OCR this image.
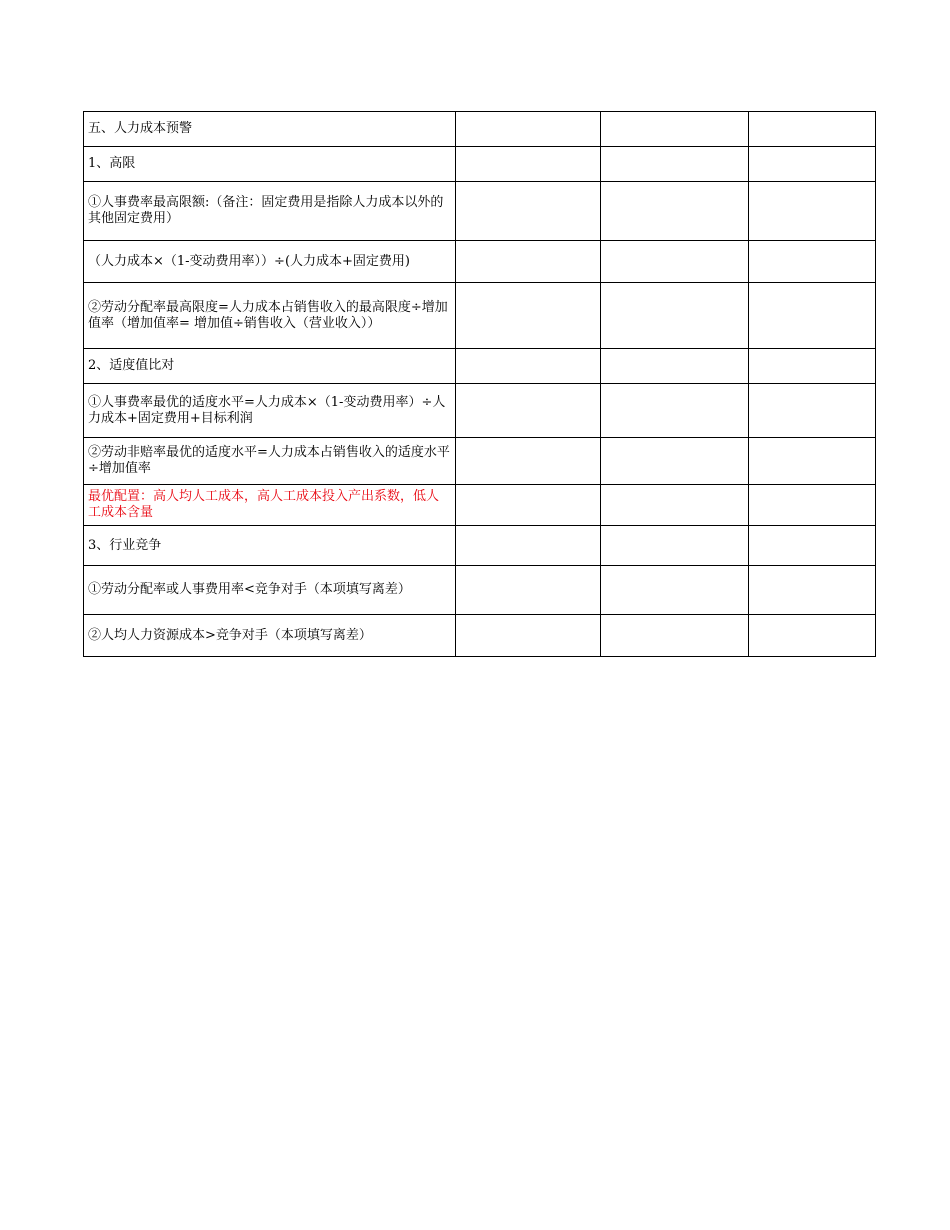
五、人力成本预警			
1、高限			
①人事费率最高限额:（备注：固定费用是指除人力成本以外的其他固定费用）			
（人力成本×（1-变动费用率））÷(人力成本+固定费用)			
②劳动分配率最高限度=人力成本占销售收入的最高限度÷增加值率（增加值率= 增加值÷销售收入（营业收入））			
2、适度值比对			
①人事费率最优的适度水平=人力成本×（1-变动费用率）÷人力成本+固定费用+目标利润			
②劳动非赔率最优的适度水平=人力成本占销售收入的适度水平÷增加值率			
最优配置：高人均人工成本，高人工成本投入产出系数，低人工成本含量			
3、行业竞争			
①劳动分配率或人事费用率<竞争对手（本项填写离差）			
②人均人力资源成本>竞争对手（本项填写离差）			
